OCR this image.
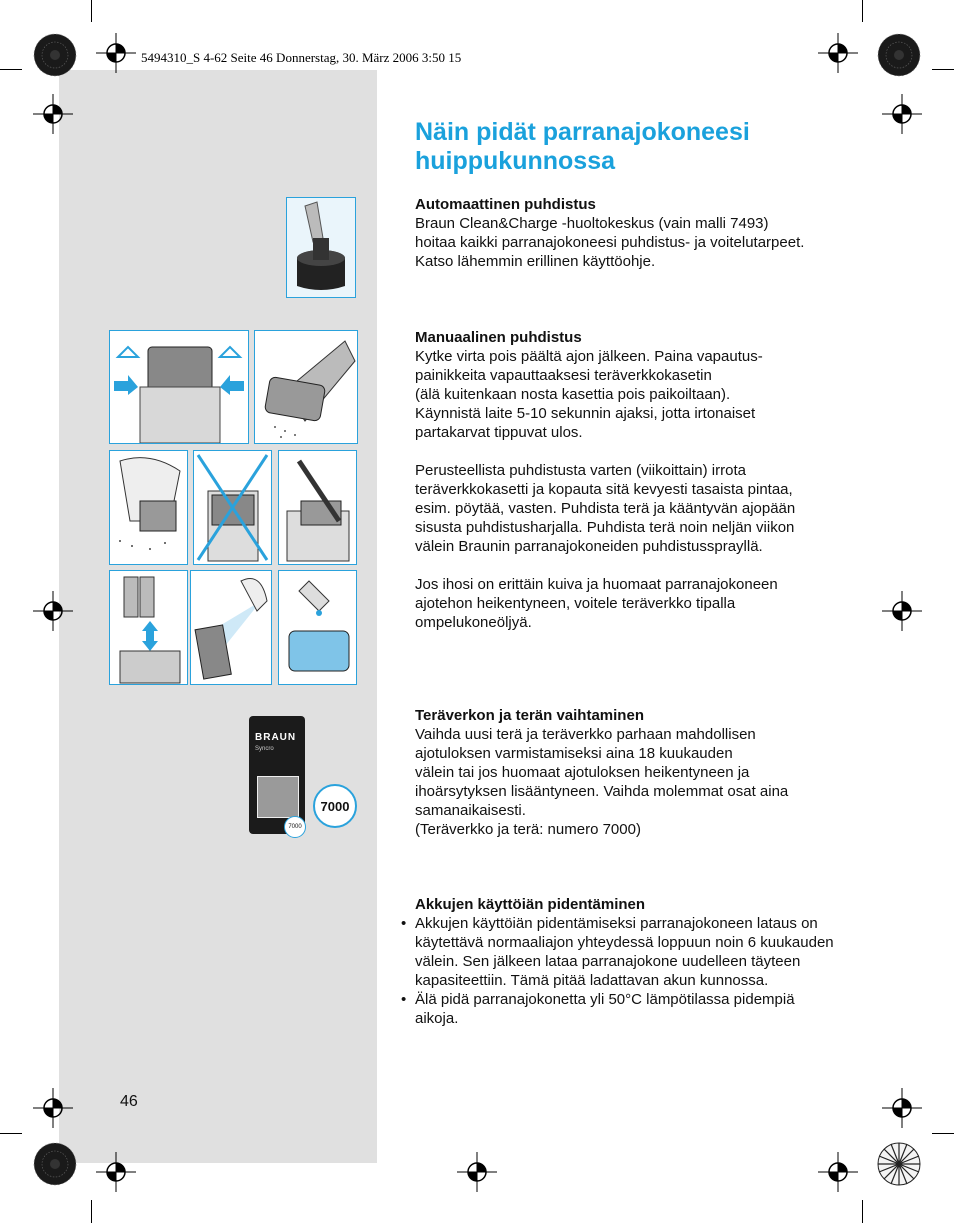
5494310_S 4-62 Seite 46 Donnerstag, 30. März 2006 3:50 15
Näin pidät parranajokoneesi
huippukunnossa
BRAUN
Syncro
7000
7000
Automaattinen puhdistus

Braun Clean&Charge -huoltokeskus (vain malli 7493)

hoitaa kaikki parranajokoneesi puhdistus- ja voitelutarpeet.

Katso lähemmin erillinen käyttöohje.

Manuaalinen puhdistus

Kytke virta pois päältä ajon jälkeen. Paina vapautus-

painikkeita vapauttaaksesi teräverkkokasetin

(älä kuitenkaan nosta kasettia pois paikoiltaan).

Käynnistä laite 5-10 sekunnin ajaksi, jotta irtonaiset

partakarvat tippuvat ulos.

Perusteellista puhdistusta varten (viikoittain) irrota

teräverkkokasetti ja kopauta sitä kevyesti tasaista pintaa,

esim. pöytää, vasten. Puhdista terä ja kääntyvän ajopään

sisusta puhdistusharjalla. Puhdista terä noin neljän viikon

välein Braunin parranajokoneiden puhdistussprayllä.

Jos ihosi on erittäin kuiva ja huomaat parranajokoneen

ajotehon heikentyneen, voitele teräverkko tipalla

ompelukoneöljyä.

Teräverkon ja terän vaihtaminen

Vaihda uusi terä ja teräverkko parhaan mahdollisen

ajotuloksen varmistamiseksi aina 18 kuukauden

välein tai jos huomaat ajotuloksen heikentyneen ja

ihoärsytyksen lisääntyneen. Vaihda molemmat osat aina

samanaikaisesti.

(Teräverkko ja terä: numero 7000)

Akkujen käyttöiän pidentäminen
• Akkujen käyttöiän pidentämiseksi parranajokoneen lataus on käytettävä normaaliajon yhteydessä loppuun noin 6 kuukauden välein. Sen jälkeen lataa parranajokone uudelleen täyteen kapasiteettiin. Tämä pitää ladattavan akun kunnossa.
• Älä pidä parranajokonetta yli 50°C lämpötilassa pidempiä aikoja.
46
